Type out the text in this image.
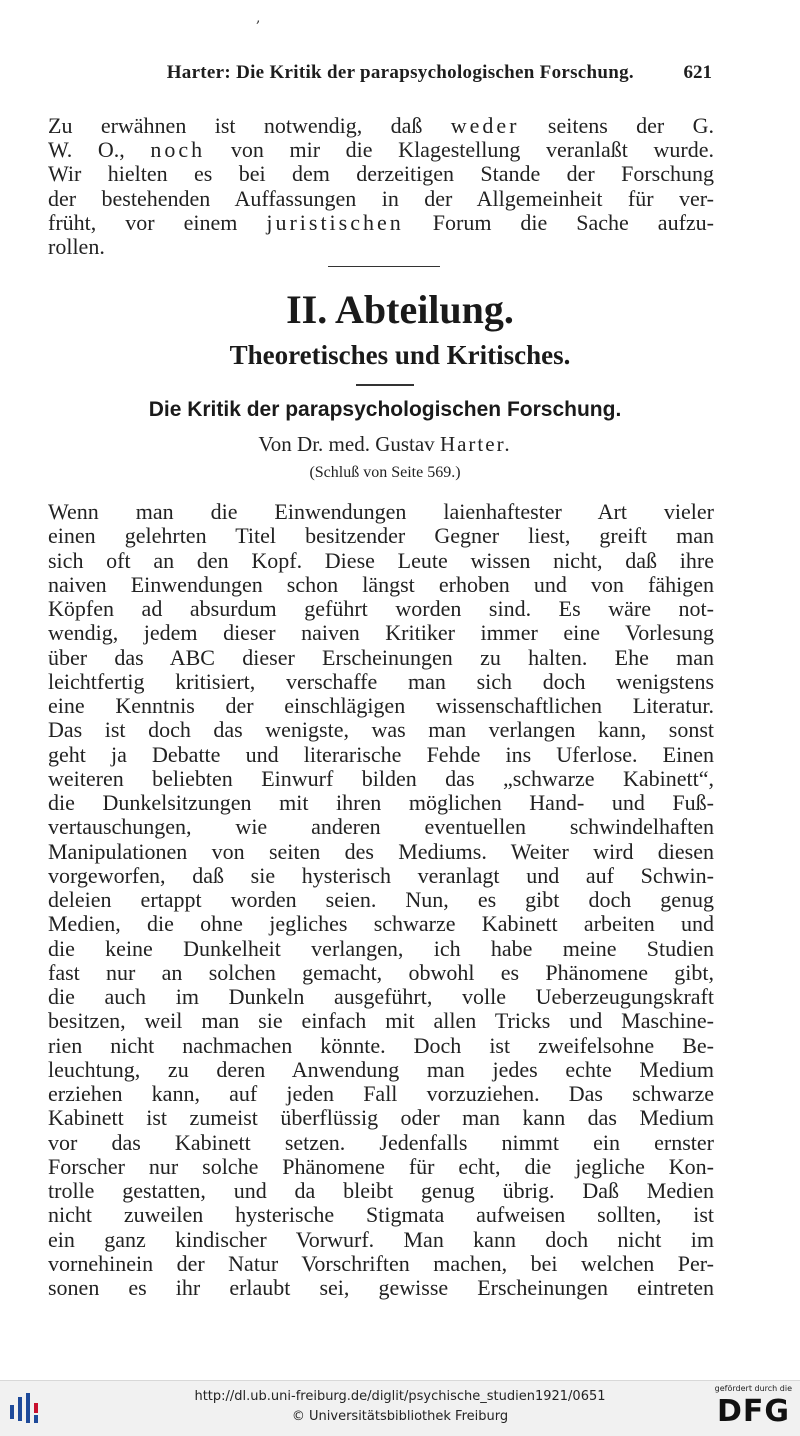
,
Harter: Die Kritik der parapsychologischen Forschung.	621
Zu erwähnen ist notwendig, daß weder seitens der G.
W. O., noch von mir die Klagestellung veranlaßt wurde.
Wir hielten es bei dem derzeitigen Stande der Forschung
der bestehenden Auffassungen in der Allgemeinheit für ver-
früht, vor einem juristischen Forum die Sache aufzu-
rollen.
II. Abteilung.
Theoretisches und Kritisches.
Die Kritik der parapsychologischen Forschung.
Von Dr. med. Gustav Harter.
(Schluß von Seite 569.)
Wenn man die Einwendungen laienhaftester Art vieler
einen gelehrten Titel besitzender Gegner liest, greift man
sich oft an den Kopf. Diese Leute wissen nicht, daß ihre
naiven Einwendungen schon längst erhoben und von fähigen
Köpfen ad absurdum geführt worden sind. Es wäre not-
wendig, jedem dieser naiven Kritiker immer eine Vorlesung
über das ABC dieser Erscheinungen zu halten. Ehe man
leichtfertig kritisiert, verschaffe man sich doch wenigstens
eine Kenntnis der einschlägigen wissenschaftlichen Literatur.
Das ist doch das wenigste, was man verlangen kann, sonst
geht ja Debatte und literarische Fehde ins Uferlose. Einen
weiteren beliebten Einwurf bilden das „schwarze Kabinett“,
die Dunkelsitzungen mit ihren möglichen Hand- und Fuß-
vertauschungen, wie anderen eventuellen schwindelhaften
Manipulationen von seiten des Mediums. Weiter wird diesen
vorgeworfen, daß sie hysterisch veranlagt und auf Schwin-
deleien ertappt worden seien. Nun, es gibt doch genug
Medien, die ohne jegliches schwarze Kabinett arbeiten und
die keine Dunkelheit verlangen, ich habe meine Studien
fast nur an solchen gemacht, obwohl es Phänomene gibt,
die auch im Dunkeln ausgeführt, volle Ueberzeugungskraft
besitzen, weil man sie einfach mit allen Tricks und Maschine-
rien nicht nachmachen könnte. Doch ist zweifelsohne Be-
leuchtung, zu deren Anwendung man jedes echte Medium
erziehen kann, auf jeden Fall vorzuziehen. Das schwarze
Kabinett ist zumeist überflüssig oder man kann das Medium
vor das Kabinett setzen. Jedenfalls nimmt ein ernster
Forscher nur solche Phänomene für echt, die jegliche Kon-
trolle gestatten, und da bleibt genug übrig. Daß Medien
nicht zuweilen hysterische Stigmata aufweisen sollten, ist
ein ganz kindischer Vorwurf. Man kann doch nicht im
vornehinein der Natur Vorschriften machen, bei welchen Per-
sonen es ihr erlaubt sei, gewisse Erscheinungen eintreten
http://dl.ub.uni-freiburg.de/diglit/psychische_studien1921/0651
© Universitätsbibliothek Freiburg
gefördert durch die
DFG
